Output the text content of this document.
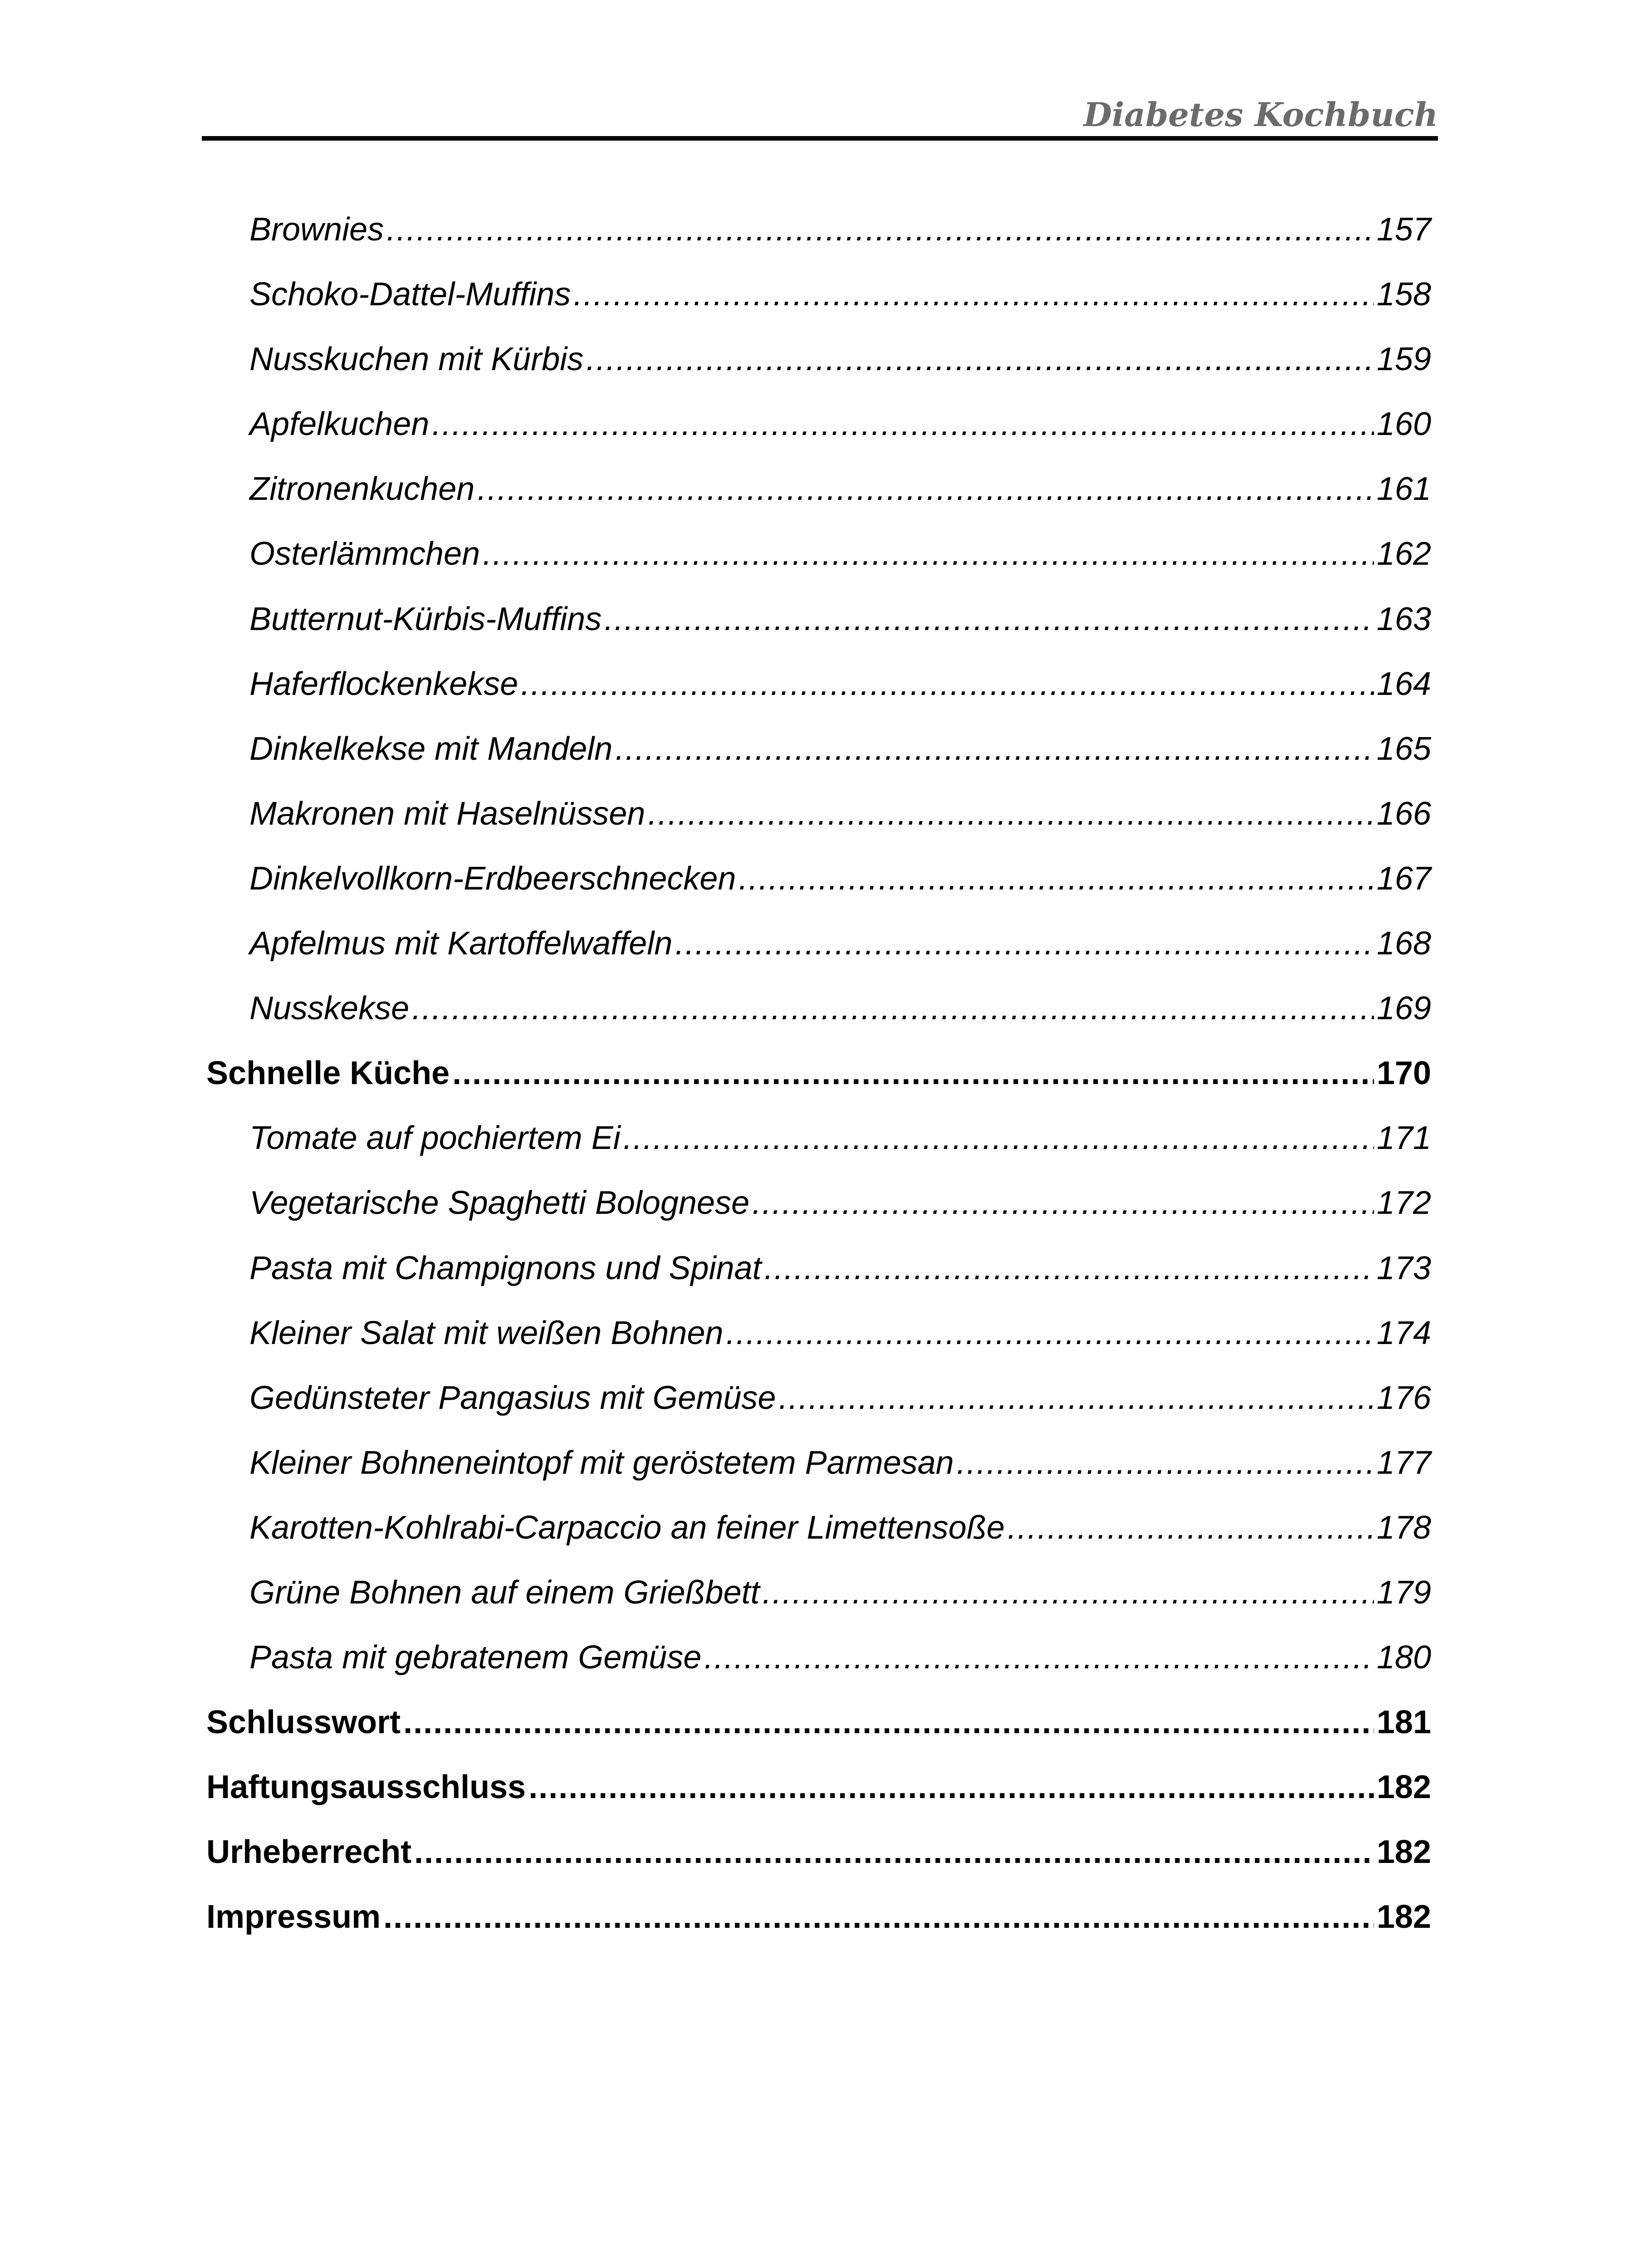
Diabetes Kochbuch
Brownies .....	157
Schoko-Dattel-Muffins .....	158
Nusskuchen mit Kürbis .....	159
Apfelkuchen .....	160
Zitronenkuchen .....	161
Osterlämmchen .....	162
Butternut-Kürbis-Muffins .....	163
Haferflockenkekse .....	164
Dinkelkekse mit Mandeln .....	165
Makronen mit Haselnüssen .....	166
Dinkelvollkorn-Erdbeerschnecken .....	167
Apfelmus mit Kartoffelwaffeln .....	168
Nusskekse .....	169
Schnelle Küche .....	170
Tomate auf pochiertem Ei .....	171
Vegetarische Spaghetti Bolognese .....	172
Pasta mit Champignons und Spinat .....	173
Kleiner Salat mit weißen Bohnen .....	174
Gedünsteter Pangasius mit Gemüse .....	176
Kleiner Bohneneintopf mit geröstetem Parmesan .....	177
Karotten-Kohlrabi-Carpaccio an feiner Limettensoße .....	178
Grüne Bohnen auf einem Grießbett .....	179
Pasta mit gebratenem Gemüse .....	180
Schlusswort .....	181
Haftungsausschluss .....	182
Urheberrecht .....	182
Impressum .....	182
